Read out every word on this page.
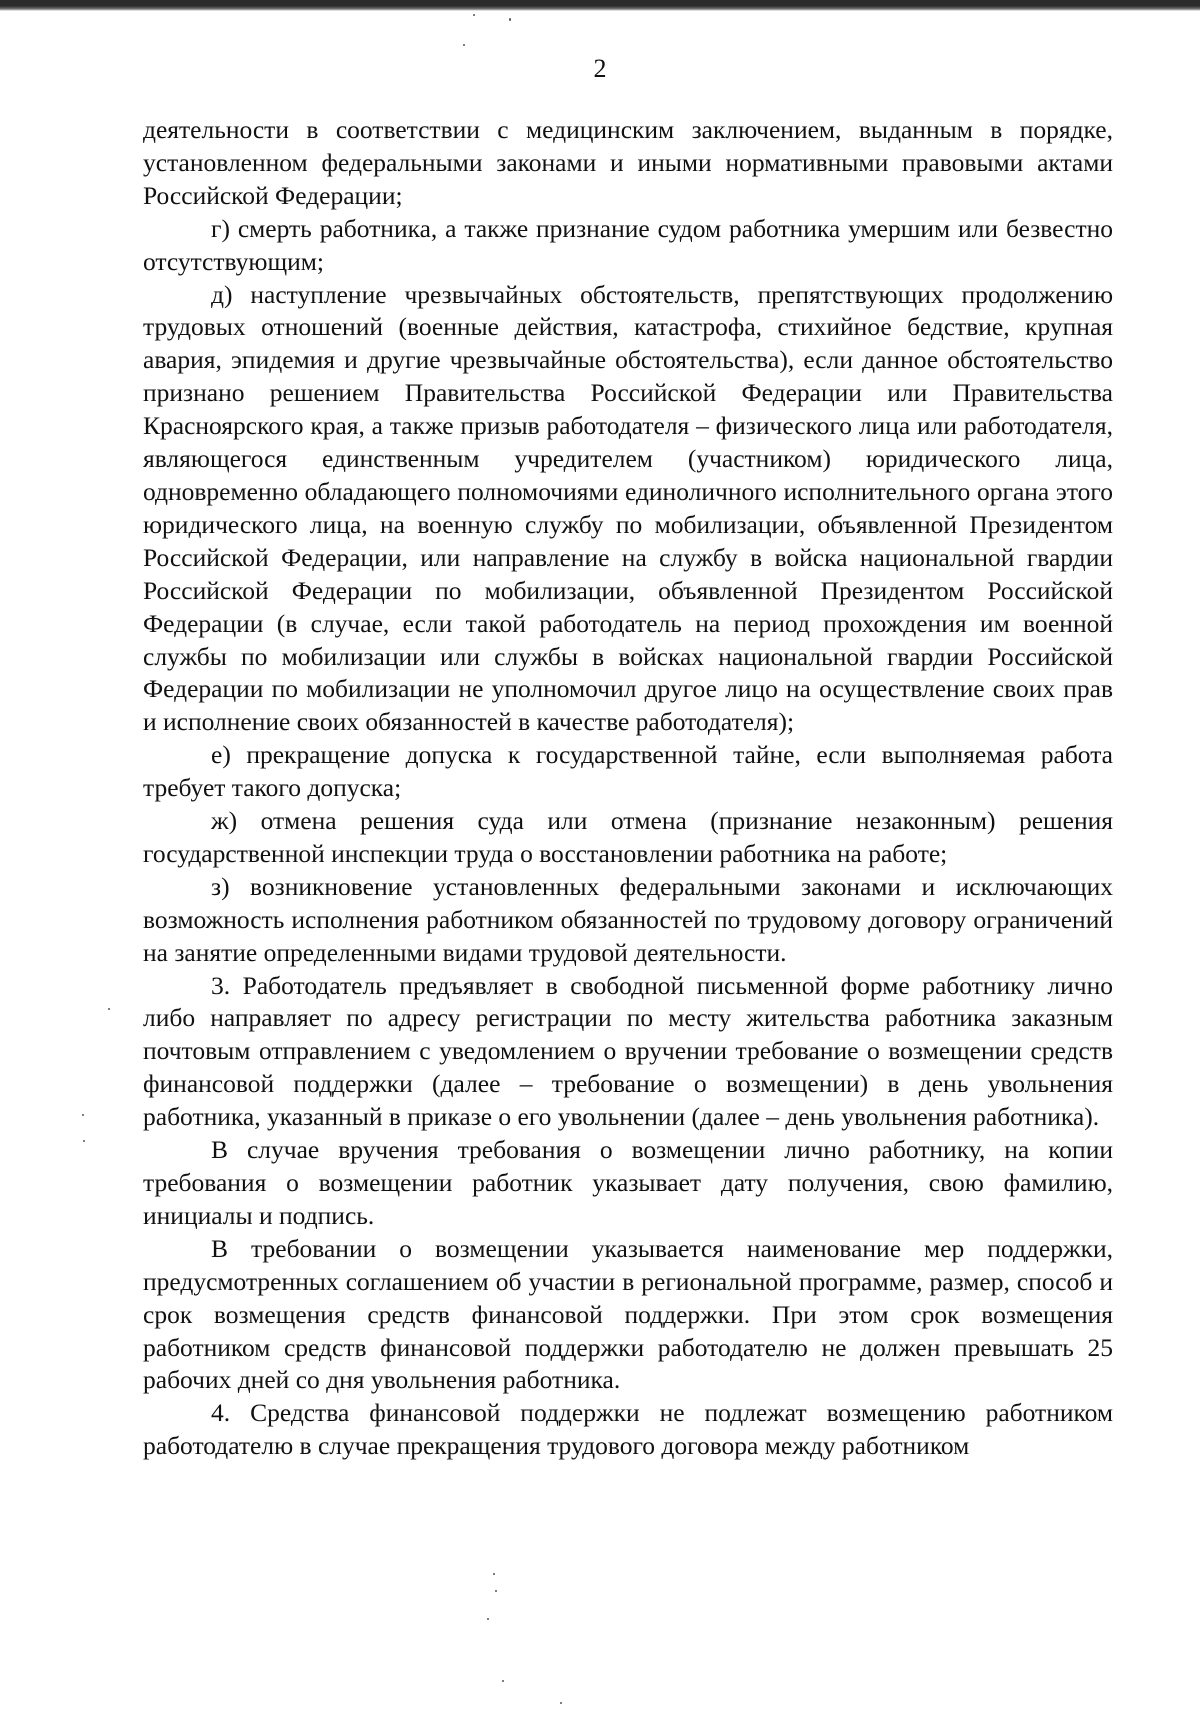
2

деятельности в соответствии с медицинским заключением, выданным в порядке, установленном федеральными законами и иными нормативными правовыми актами Российской Федерации;

г) смерть работника, а также признание судом работника умершим или безвестно отсутствующим;

д) наступление чрезвычайных обстоятельств, препятствующих продолжению трудовых отношений (военные действия, катастрофа, стихийное бедствие, крупная авария, эпидемия и другие чрезвычайные обстоятельства), если данное обстоятельство признано решением Правительства Российской Федерации или Правительства Красноярского края, а также призыв работодателя – физического лица или работодателя, являющегося единственным учредителем (участником) юридического лица, одновременно обладающего полномочиями единоличного исполнительного органа этого юридического лица, на военную службу по мобилизации, объявленной Президентом Российской Федерации, или направление на службу в войска национальной гвардии Российской Федерации по мобилизации, объявленной Президентом Российской Федерации (в случае, если такой работодатель на период прохождения им военной службы по мобилизации или службы в войсках национальной гвардии Российской Федерации по мобилизации не уполномочил другое лицо на осуществление своих прав и исполнение своих обязанностей в качестве работодателя);

е) прекращение допуска к государственной тайне, если выполняемая работа требует такого допуска;

ж) отмена решения суда или отмена (признание незаконным) решения государственной инспекции труда о восстановлении работника на работе;

з) возникновение установленных федеральными законами и исключающих возможность исполнения работником обязанностей по трудовому договору ограничений на занятие определенными видами трудовой деятельности.

3. Работодатель предъявляет в свободной письменной форме работнику лично либо направляет по адресу регистрации по месту жительства работника заказным почтовым отправлением с уведомлением о вручении требование о возмещении средств финансовой поддержки (далее – требование о возмещении) в день увольнения работника, указанный в приказе о его увольнении (далее – день увольнения работника).

В случае вручения требования о возмещении лично работнику, на копии требования о возмещении работник указывает дату получения, свою фамилию, инициалы и подпись.

В требовании о возмещении указывается наименование мер поддержки, предусмотренных соглашением об участии в региональной программе, размер, способ и срок возмещения средств финансовой поддержки. При этом срок возмещения работником средств финансовой поддержки работодателю не должен превышать 25 рабочих дней со дня увольнения работника.

4. Средства финансовой поддержки не подлежат возмещению работником работодателю в случае прекращения трудового договора между работником
